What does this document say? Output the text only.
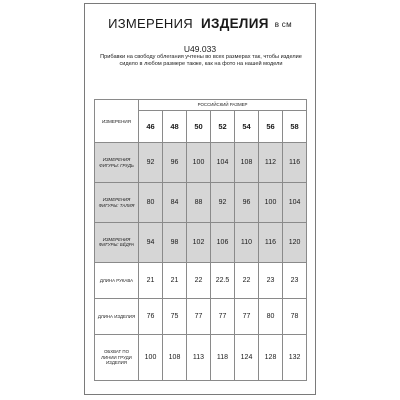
ИЗМЕРЕНИЯ ИЗДЕЛИЯ в см
U49.033
Прибавки на свободу облегания учтены во всех размерах так, чтобы изделие сидело в любом размере также, как на фото на нашей модели
ИЗМЕРЕНИЯ	РОССИЙСКИЙ РАЗМЕР						
	46	48	50	52	54	56	58
ИЗМЕРЕНИЯ ФИГУРЫ: ГРУДЬ	92	96	100	104	108	112	116
ИЗМЕРЕНИЯ ФИГУРЫ: ТАЛИЯ	80	84	88	92	96	100	104
ИЗМЕРЕНИЯ ФИГУРЫ: БЁДРА	94	98	102	106	110	116	120
ДЛИНА РУКАВА	21	21	22	22.5	22	23	23
ДЛИНА ИЗДЕЛИЯ	76	75	77	77	77	80	78
ОБХВАТ ПО ЛИНИИ ГРУДИ ИЗДЕЛИЯ	100	108	113	118	124	128	132
